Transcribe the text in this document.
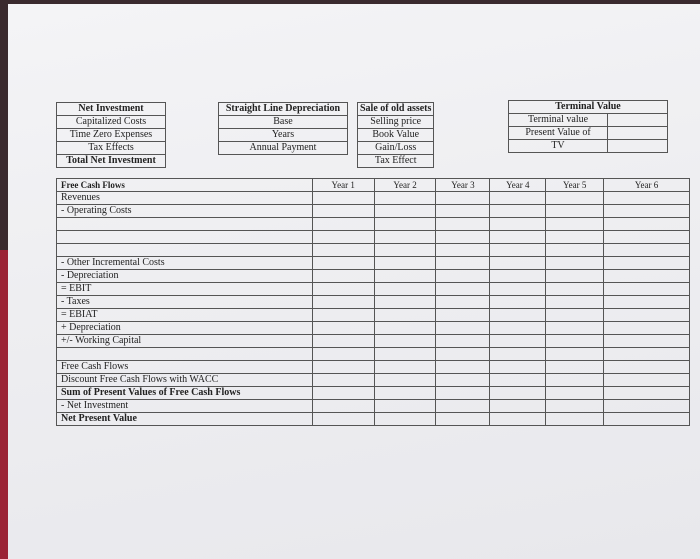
Net Investment
Capitalized Costs
Time Zero Expenses
Tax Effects
Total Net Investment
Straight Line Depreciation
Base
Years
Annual Payment
Sale of old assets
Selling price
Book Value
Gain/Loss
Tax Effect
Terminal Value	
Terminal value	
Present Value of	
TV	
Free Cash Flows	Year 1	Year 2	Year 3	Year 4	Year 5	Year 6
Revenues						
- Operating Costs						

- Other Incremental Costs						
- Depreciation						
= EBIT						
- Taxes						
= EBIAT						
+ Depreciation						
+/- Working Capital						

Free Cash Flows						
Discount Free Cash Flows with WACC						
Sum of Present Values of Free Cash Flows						
- Net Investment						
Net Present Value						
